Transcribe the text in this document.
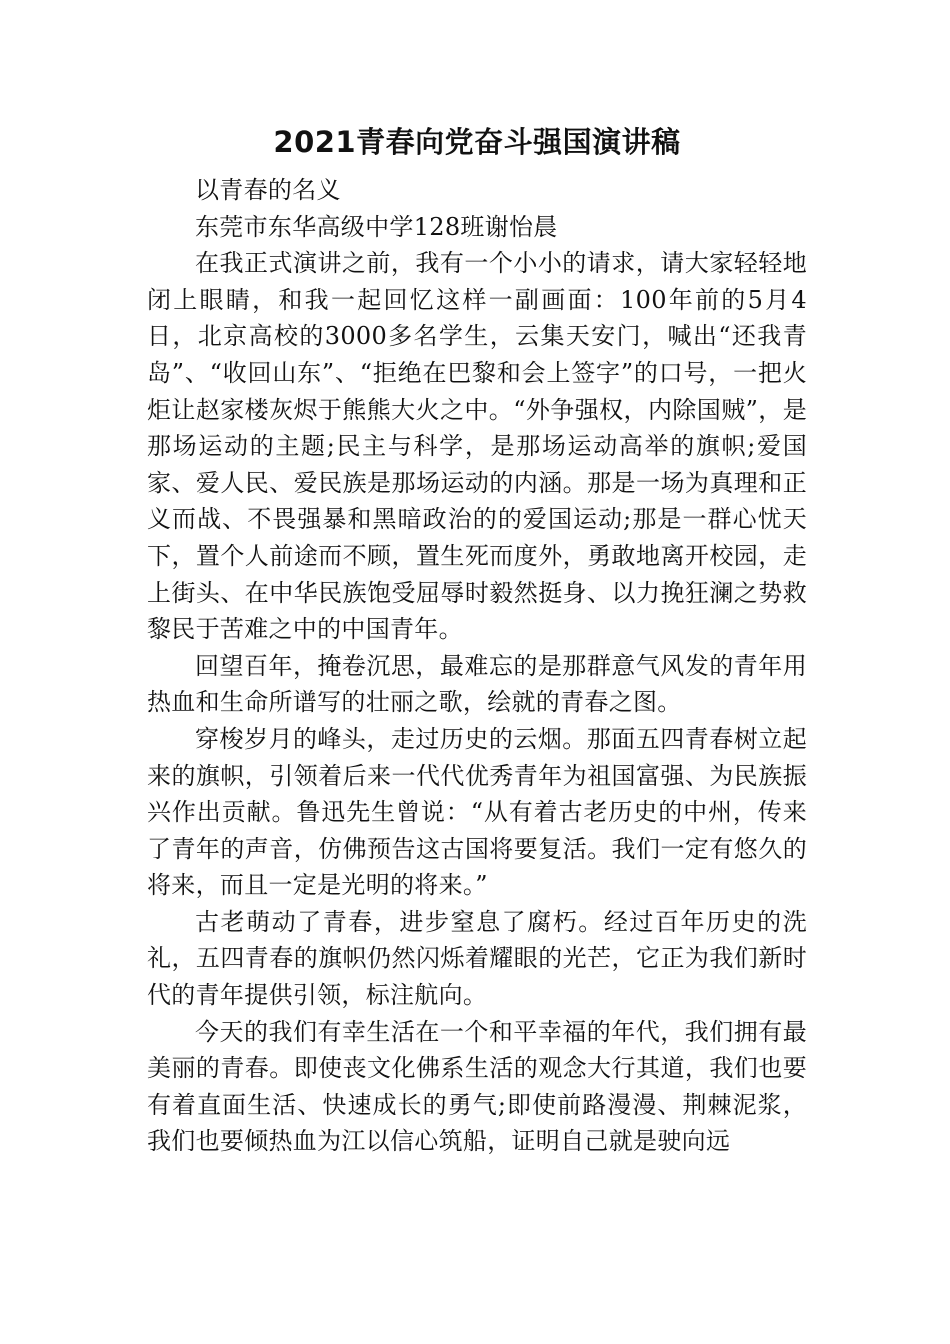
2021青春向党奋斗强国演讲稿

以青春的名义

东莞市东华高级中学128班谢怡晨

在我正式演讲之前，我有一个小小的请求，请大家轻轻地闭上眼睛，和我一起回忆这样一副画面：100年前的5月4日，北京高校的3000多名学生，云集天安门，喊出“还我青岛”、“收回山东”、“拒绝在巴黎和会上签字”的口号，一把火炬让赵家楼灰烬于熊熊大火之中。“外争强权，内除国贼”，是那场运动的主题;民主与科学，是那场运动高举的旗帜;爱国家、爱人民、爱民族是那场运动的内涵。那是一场为真理和正义而战、不畏强暴和黑暗政治的的爱国运动;那是一群心忧天下，置个人前途而不顾，置生死而度外，勇敢地离开校园，走上街头、在中华民族饱受屈辱时毅然挺身、以力挽狂澜之势救黎民于苦难之中的中国青年。

回望百年，掩卷沉思，最难忘的是那群意气风发的青年用热血和生命所谱写的壮丽之歌，绘就的青春之图。

穿梭岁月的峰头，走过历史的云烟。那面五四青春树立起来的旗帜，引领着后来一代代优秀青年为祖国富强、为民族振兴作出贡献。鲁迅先生曾说：“从有着古老历史的中州，传来了青年的声音，仿佛预告这古国将要复活。我们一定有悠久的将来，而且一定是光明的将来。”

古老萌动了青春，进步窒息了腐朽。经过百年历史的洗礼，五四青春的旗帜仍然闪烁着耀眼的光芒，它正为我们新时代的青年提供引领，标注航向。

今天的我们有幸生活在一个和平幸福的年代，我们拥有最美丽的青春。即使丧文化佛系生活的观念大行其道，我们也要有着直面生活、快速成长的勇气;即使前路漫漫、荆棘泥浆，我们也要倾热血为江以信心筑船，证明自己就是驶向远
